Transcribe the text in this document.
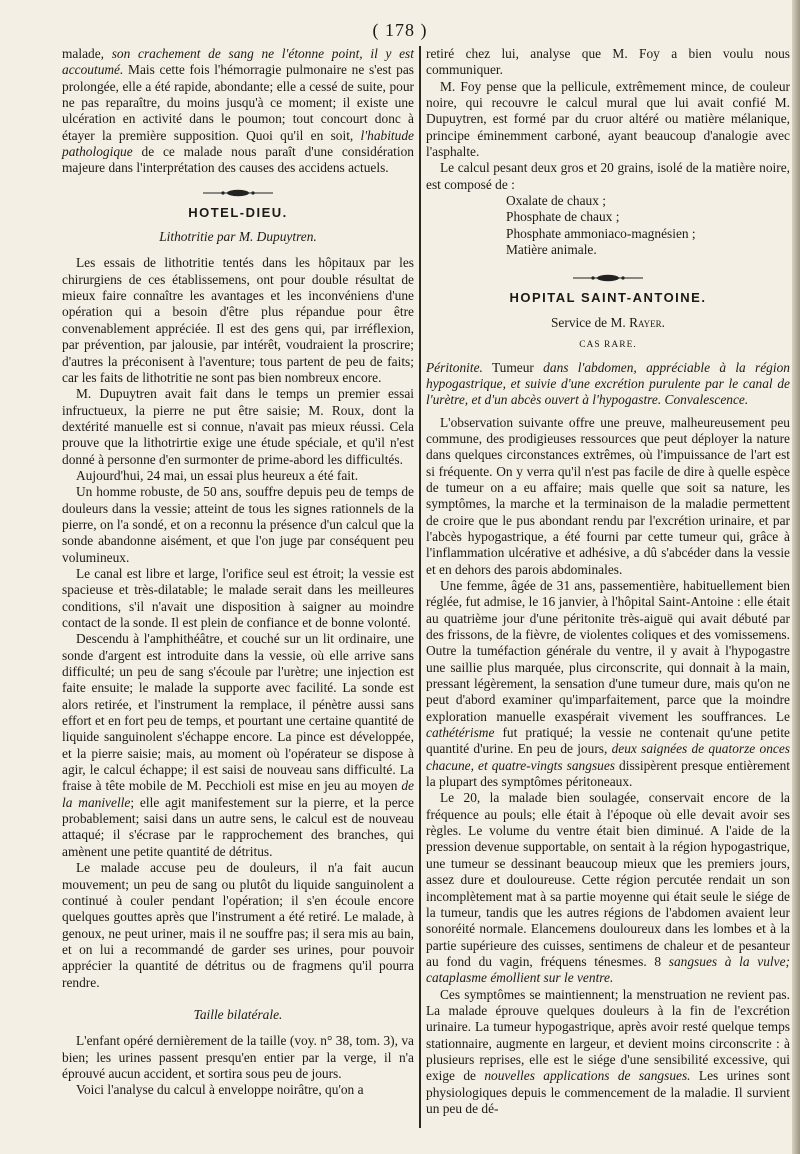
( 178 )

malade, son crachement de sang ne l'étonne point, il y est accoutumé. Mais cette fois l'hémorragie pulmonaire ne s'est pas prolongée, elle a été rapide, abondante; elle a cessé de suite, pour ne pas reparaître, du moins jusqu'à ce moment; il existe une ulcération en activité dans le poumon; tout concourt donc à étayer la première supposition. Quoi qu'il en soit, l'habitude pathologique de ce malade nous paraît d'une considération majeure dans l'interprétation des causes des accidens actuels.

HOTEL-DIEU.
Lithotritie par M. Dupuytren.

Les essais de lithotritie tentés dans les hôpitaux par les chirurgiens de ces établissemens, ont pour double résultat de mieux faire connaître les avantages et les inconvéniens d'une opération qui a besoin d'être plus répandue pour être convenablement appréciée. Il est des gens qui, par irréflexion, par prévention, par jalousie, par intérêt, voudraient la proscrire; d'autres la préconisent à l'aventure; tous partent de peu de faits; car les faits de lithotritie ne sont pas bien nombreux encore.

M. Dupuytren avait fait dans le temps un premier essai infructueux, la pierre ne put être saisie; M. Roux, dont la dextérité manuelle est si connue, n'avait pas mieux réussi. Cela prouve que la lithotrirtie exige une étude spéciale, et qu'il n'est donné à personne d'en surmonter de prime-abord les difficultés.

Aujourd'hui, 24 mai, un essai plus heureux a été fait.

Un homme robuste, de 50 ans, souffre depuis peu de temps de douleurs dans la vessie; atteint de tous les signes rationnels de la pierre, on l'a sondé, et on a reconnu la présence d'un calcul que la sonde abandonne aisément, et que l'on juge par conséquent peu volumineux.

Le canal est libre et large, l'orifice seul est étroit; la vessie est spacieuse et très-dilatable; le malade serait dans les meilleures conditions, s'il n'avait une disposition à saigner au moindre contact de la sonde. Il est plein de confiance et de bonne volonté.

Descendu à l'amphithéâtre, et couché sur un lit ordinaire, une sonde d'argent est introduite dans la vessie, où elle arrive sans difficulté; un peu de sang s'écoule par l'urètre; une injection est faite ensuite; le malade la supporte avec facilité. La sonde est alors retirée, et l'instrument la remplace, il pénètre aussi sans effort et en fort peu de temps, et pourtant une certaine quantité de liquide sanguinolent s'échappe encore. La pince est développée, et la pierre saisie; mais, au moment où l'opérateur se dispose à agir, le calcul échappe; il est saisi de nouveau sans difficulté. La fraise à tête mobile de M. Pecchioli est mise en jeu au moyen de la manivelle; elle agit manifestement sur la pierre, et la perce probablement; saisi dans un autre sens, le calcul est de nouveau attaqué; il s'écrase par le rapprochement des branches, qui amènent une petite quantité de détritus.

Le malade accuse peu de douleurs, il n'a fait aucun mouvement; un peu de sang ou plutôt du liquide sanguinolent a continué à couler pendant l'opération; il s'en écoule encore quelques gouttes après que l'instrument a été retiré. Le malade, à genoux, ne peut uriner, mais il ne souffre pas; il sera mis au bain, et on lui a recommandé de garder ses urines, pour pouvoir apprécier la quantité de détritus ou de fragmens qu'il pourra rendre.

Taille bilatérale.

L'enfant opéré dernièrement de la taille (voy. n° 38, tom. 3), va bien; les urines passent presqu'en entier par la verge, il n'a éprouvé aucun accident, et sortira sous peu de jours.

Voici l'analyse du calcul à enveloppe noirâtre, qu'on a

retiré chez lui, analyse que M. Foy a bien voulu nous communiquer.

M. Foy pense que la pellicule, extrêmement mince, de couleur noire, qui recouvre le calcul mural que lui avait confié M. Dupuytren, est formé par du cruor altéré ou matière mélanique, principe éminemment carboné, ayant beaucoup d'analogie avec l'asphalte.

Le calcul pesant deux gros et 20 grains, isolé de la matière noire, est composé de :

Oxalate de chaux ;

Phosphate de chaux ;

Phosphate ammoniaco-magnésien ;

Matière animale.

HOPITAL SAINT-ANTOINE.
Service de M. Rayer.
CAS RARE.

Péritonite. Tumeur dans l'abdomen, appréciable à la région hypogastrique, et suivie d'une excrétion purulente par le canal de l'urètre, et d'un abcès ouvert à l'hypogastre. Convalescence.

L'observation suivante offre une preuve, malheureusement peu commune, des prodigieuses ressources que peut déployer la nature dans quelques circonstances extrêmes, où l'impuissance de l'art est si fréquente. On y verra qu'il n'est pas facile de dire à quelle espèce de tumeur on a eu affaire; mais quelle que soit sa nature, les symptômes, la marche et la terminaison de la maladie permettent de croire que le pus abondant rendu par l'excrétion urinaire, et par l'abcès hypogastrique, a été fourni par cette tumeur qui, grâce à l'inflammation ulcérative et adhésive, a dû s'abcéder dans la vessie et en dehors des parois abdominales.

Une femme, âgée de 31 ans, passementière, habituellement bien réglée, fut admise, le 16 janvier, à l'hôpital Saint-Antoine : elle était au quatrième jour d'une péritonite très-aiguë qui avait débuté par des frissons, de la fièvre, de violentes coliques et des vomissemens. Outre la tuméfaction générale du ventre, il y avait à l'hypogastre une saillie plus marquée, plus circonscrite, qui donnait à la main, pressant légèrement, la sensation d'une tumeur dure, mais qu'on ne peut d'abord examiner qu'imparfaitement, parce que la moindre exploration manuelle exaspérait vivement les souffrances. Le cathétérisme fut pratiqué; la vessie ne contenait qu'une petite quantité d'urine. En peu de jours, deux saignées de quatorze onces chacune, et quatre-vingts sangsues dissipèrent presque entièrement la plupart des symptômes péritoneaux.

Le 20, la malade bien soulagée, conservait encore de la fréquence au pouls; elle était à l'époque où elle devait avoir ses règles. Le volume du ventre était bien diminué. A l'aide de la pression devenue supportable, on sentait à la région hypogastrique, une tumeur se dessinant beaucoup mieux que les premiers jours, assez dure et douloureuse. Cette région percutée rendait un son incomplètement mat à sa partie moyenne qui était seule le siége de la tumeur, tandis que les autres régions de l'abdomen avaient leur sonoréité normale. Elancemens douloureux dans les lombes et à la partie supérieure des cuisses, sentimens de chaleur et de pesanteur au fond du vagin, fréquens ténesmes. 8 sangsues à la vulve; cataplasme émollient sur le ventre.

Ces symptômes se maintiennent; la menstruation ne revient pas. La malade éprouve quelques douleurs à la fin de l'excrétion urinaire. La tumeur hypogastrique, après avoir resté quelque temps stationnaire, augmente en largeur, et devient moins circonscrite : à plusieurs reprises, elle est le siége d'une sensibilité excessive, qui exige de nouvelles applications de sangsues. Les urines sont physiologiques depuis le commencement de la maladie. Il survient un peu de dé-
